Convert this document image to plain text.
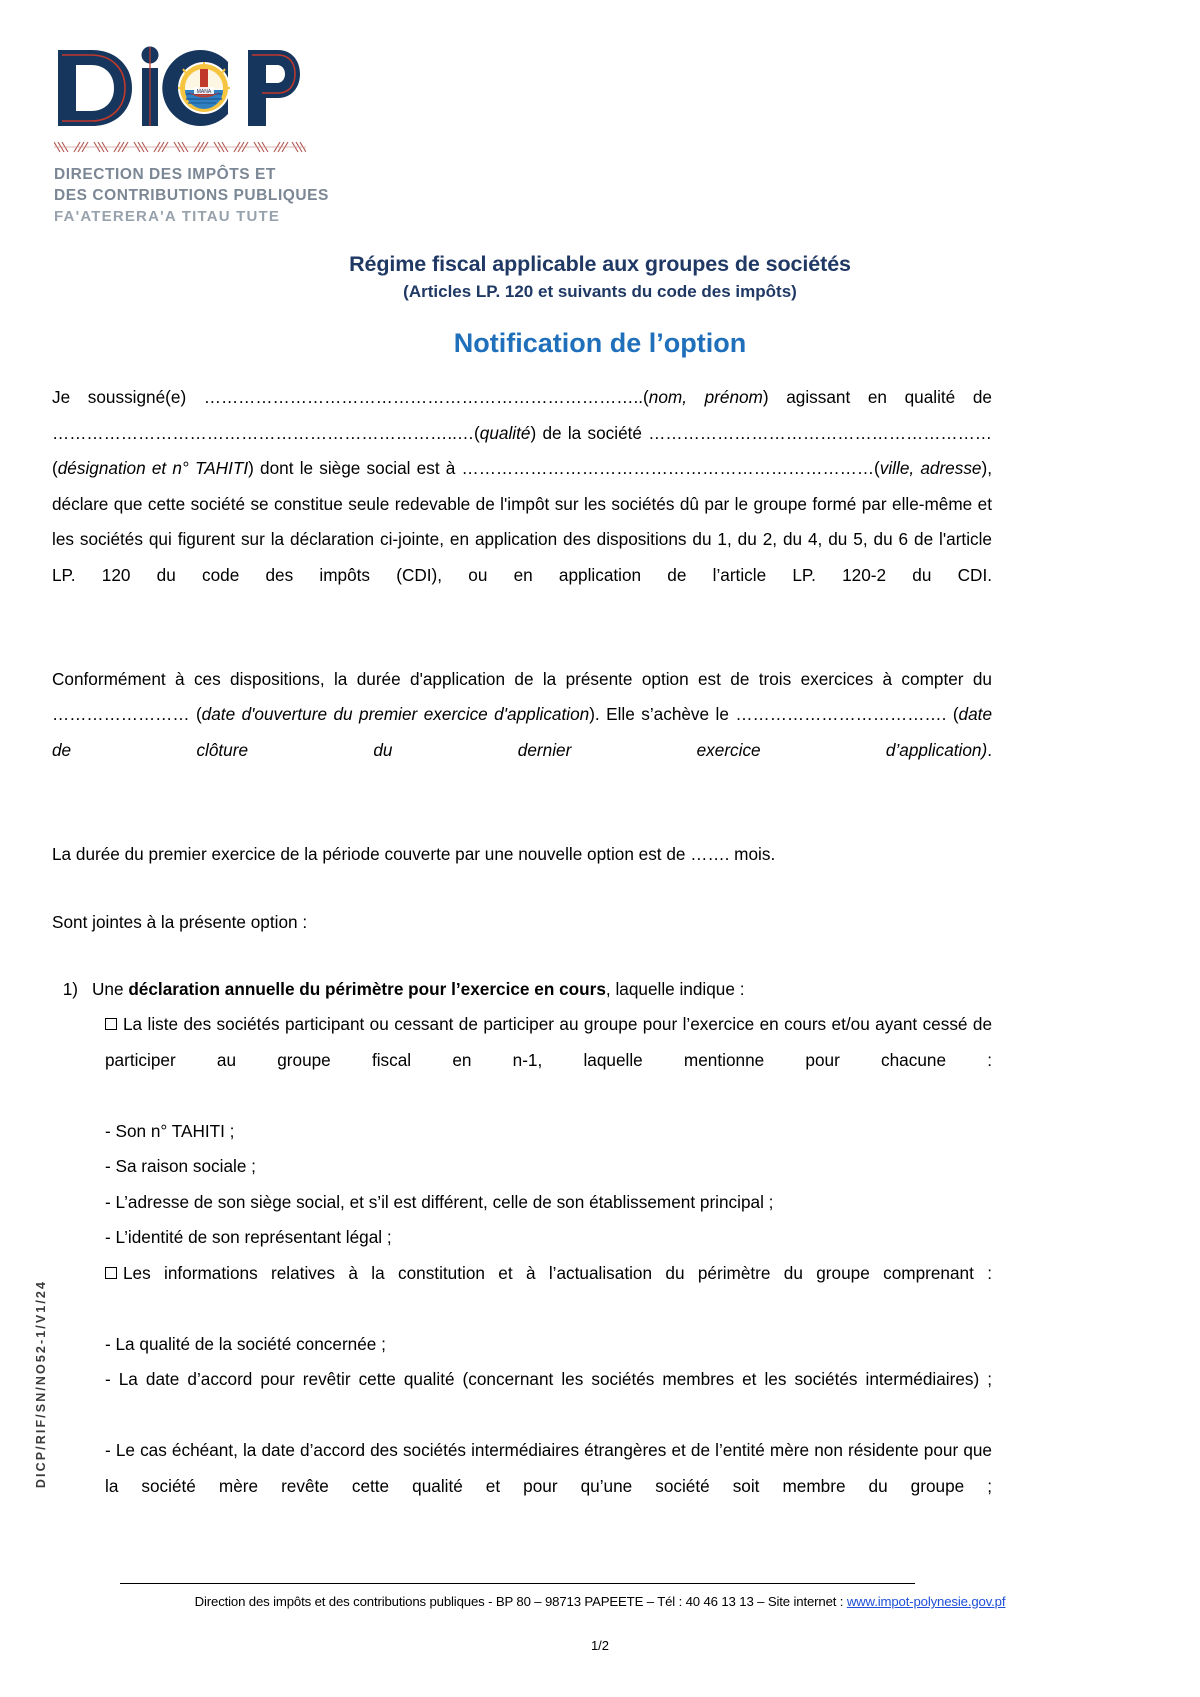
MANA
DIRECTION DES IMPÔTS ET
DES CONTRIBUTIONS PUBLIQUES
FA'ATERERA'A TITAU TUTE
Régime fiscal applicable aux groupes de sociétés
(Articles LP. 120 et suivants du code des impôts)
Notification de l’option

Je soussigné(e) …………………………………………………………………..(nom, prénom) agissant en qualité de ……………………………………………………………..…(qualité) de la société …………………………………………………… (désignation et n° TAHITI) dont le siège social est à ………………………………………………………………(ville, adresse), déclare que cette société se constitue seule redevable de l'impôt sur les sociétés dû par le groupe formé par elle-même et les sociétés qui figurent sur la déclaration ci-jointe, en application des dispositions du 1, du 2, du 4, du 5, du 6 de l'article LP. 120 du code des impôts (CDI), ou en application de l’article LP. 120-2 du CDI.

Conformément à ces dispositions, la durée d'application de la présente option est de trois exercices à compter du …………………… (date d'ouverture du premier exercice d'application). Elle s’achève le ………………………………. (date de clôture du dernier exercice d’application).

La durée du premier exercice de la période couverte par une nouvelle option est de ……. mois.

Sont jointes à la présente option :

1) Une déclaration annuelle du périmètre pour l’exercice en cours, laquelle indique :
La liste des sociétés participant ou cessant de participer au groupe pour l’exercice en cours et/ou ayant cessé de participer au groupe fiscal en n-1, laquelle mentionne pour chacune :
- Son n° TAHITI ;
- Sa raison sociale ;
- L’adresse de son siège social, et s’il est différent, celle de son établissement principal ;
- L’identité de son représentant légal ;
Les informations relatives à la constitution et à l’actualisation du périmètre du groupe comprenant :
- La qualité de la société concernée ;
- La date d’accord pour revêtir cette qualité (concernant les sociétés membres et les sociétés intermédiaires) ;
- Le cas échéant, la date d’accord des sociétés intermédiaires étrangères et de l’entité mère non résidente pour que la société mère revête cette qualité et pour qu’une société soit membre du groupe ;
DICP/RIF/SN/NO52-1/V1/24
Direction des impôts et des contributions publiques - BP 80 – 98713 PAPEETE – Tél : 40 46 13 13 – Site internet : www.impot-polynesie.gov.pf
1/2
